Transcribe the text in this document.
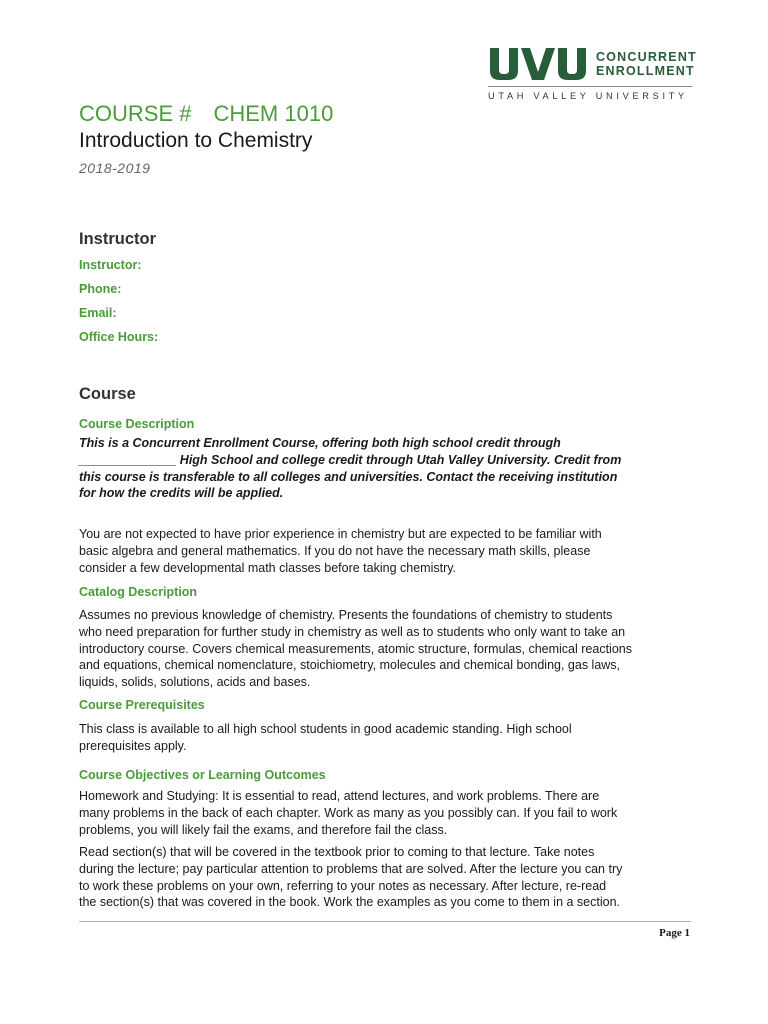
CONCURRENT
ENROLLMENT
UTAH VALLEY UNIVERSITY
COURSE # CHEM 1010
Introduction to Chemistry
2018-2019
Instructor
Instructor:
Phone:
Email:
Office Hours:
Course
Course Description
This is a Concurrent Enrollment Course, offering both high school credit through
______________ High School and college credit through Utah Valley University. Credit from
this course is transferable to all colleges and universities. Contact the receiving institution
for how the credits will be applied.
You are not expected to have prior experience in chemistry but are expected to be familiar with
basic algebra and general mathematics. If you do not have the necessary math skills, please
consider a few developmental math classes before taking chemistry.
Catalog Description
Assumes no previous knowledge of chemistry. Presents the foundations of chemistry to students
who need preparation for further study in chemistry as well as to students who only want to take an
introductory course. Covers chemical measurements, atomic structure, formulas, chemical reactions
and equations, chemical nomenclature, stoichiometry, molecules and chemical bonding, gas laws,
liquids, solids, solutions, acids and bases.
Course Prerequisites
This class is available to all high school students in good academic standing. High school
prerequisites apply.
Course Objectives or Learning Outcomes
Homework and Studying: It is essential to read, attend lectures, and work problems. There are
many problems in the back of each chapter. Work as many as you possibly can. If you fail to work
problems, you will likely fail the exams, and therefore fail the class.
Read section(s) that will be covered in the textbook prior to coming to that lecture. Take notes
during the lecture; pay particular attention to problems that are solved. After the lecture you can try
to work these problems on your own, referring to your notes as necessary. After lecture, re-read
the section(s) that was covered in the book. Work the examples as you come to them in a section.
Page 1
